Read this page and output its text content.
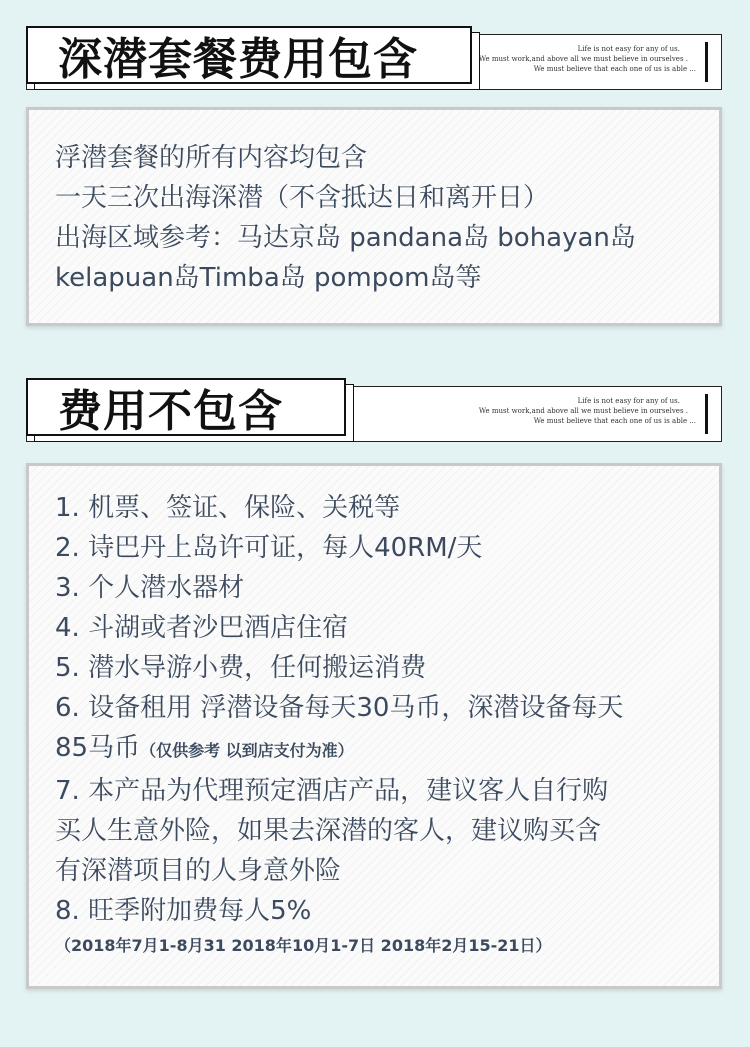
深潜套餐费用包含	Life is not easy for any of us.
We must work,and above all we must believe in ourselves .
We must believe that each one of us is able ...
浮潜套餐的所有内容均包含
一天三次出海深潜（不含抵达日和离开日）
出海区域参考：马达京岛 pandana岛 bohayan岛
kelapuan岛Timba岛 pompom岛等
费用不包含	Life is not easy for any of us.
We must work,and above all we must believe in ourselves .
We must believe that each one of us is able ...
1. 机票、签证、保险、关税等
2. 诗巴丹上岛许可证，每人40RM/天
3. 个人潜水器材
4. 斗湖或者沙巴酒店住宿
5. 潜水导游小费，任何搬运消费
6. 设备租用 浮潜设备每天30马币，深潜设备每天
85马币（仅供参考 以到店支付为准）
7. 本产品为代理预定酒店产品，建议客人自行购
买人生意外险，如果去深潜的客人，建议购买含
有深潜项目的人身意外险
8. 旺季附加费每人5%
（2018年7月1-8月31 2018年10月1-7日 2018年2月15-21日）
